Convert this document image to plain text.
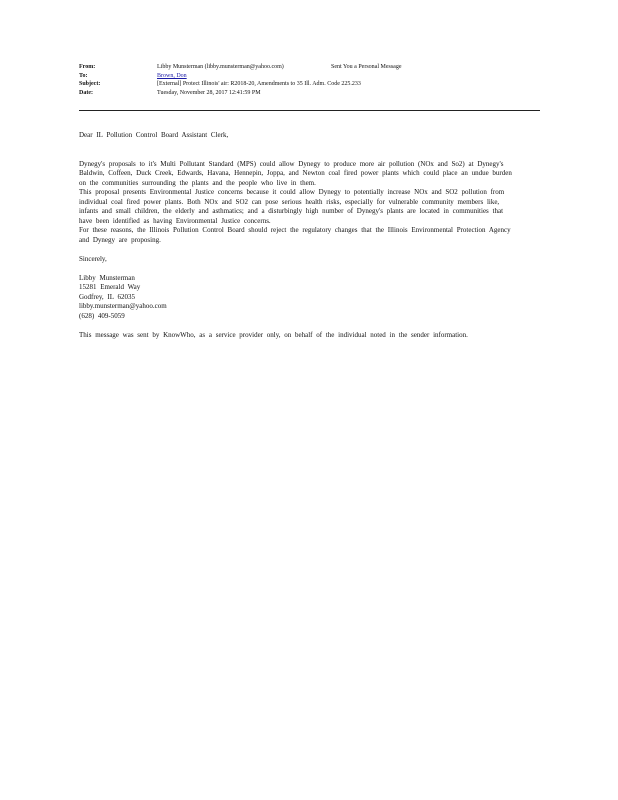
From:	Libby Munsterman (libby.munsterman@yahoo.com)	Sent You a Personal Message
To:	Brown, Don
Subject:	[External] Protect Illinois' air: R2018-20, Amendments to 35 Ill. Adm. Code 225.233
Date:	Tuesday, November 28, 2017 12:41:59 PM

Dear IL Pollution Control Board Assistant Clerk,

Dynegy's proposals to it's Multi Pollutant Standard (MPS) could allow Dynegy to produce more air pollution (NOx and So2) at Dynegy's Baldwin, Coffeen, Duck Creek, Edwards, Havana, Hennepin, Joppa, and Newton coal fired power plants which could place an undue burden on the communities surrounding the plants and the people who live in them.

This proposal presents Environmental Justice concerns because it could allow Dynegy to potentially increase NOx and SO2 pollution from individual coal fired power plants. Both NOx and SO2 can pose serious health risks, especially for vulnerable community members like, infants and small children, the elderly and asthmatics; and a disturbingly high number of Dynegy's plants are located in communities that have been identified as having Environmental Justice concerns.

For these reasons, the Illinois Pollution Control Board should reject the regulatory changes that the Illinois Environmental Protection Agency and Dynegy are proposing.

Sincerely,

Libby Munsterman
15281 Emerald Way
Godfrey, IL 62035
libby.munsterman@yahoo.com
(628) 409-5059

This message was sent by KnowWho, as a service provider only, on behalf of the individual noted in the sender information.
